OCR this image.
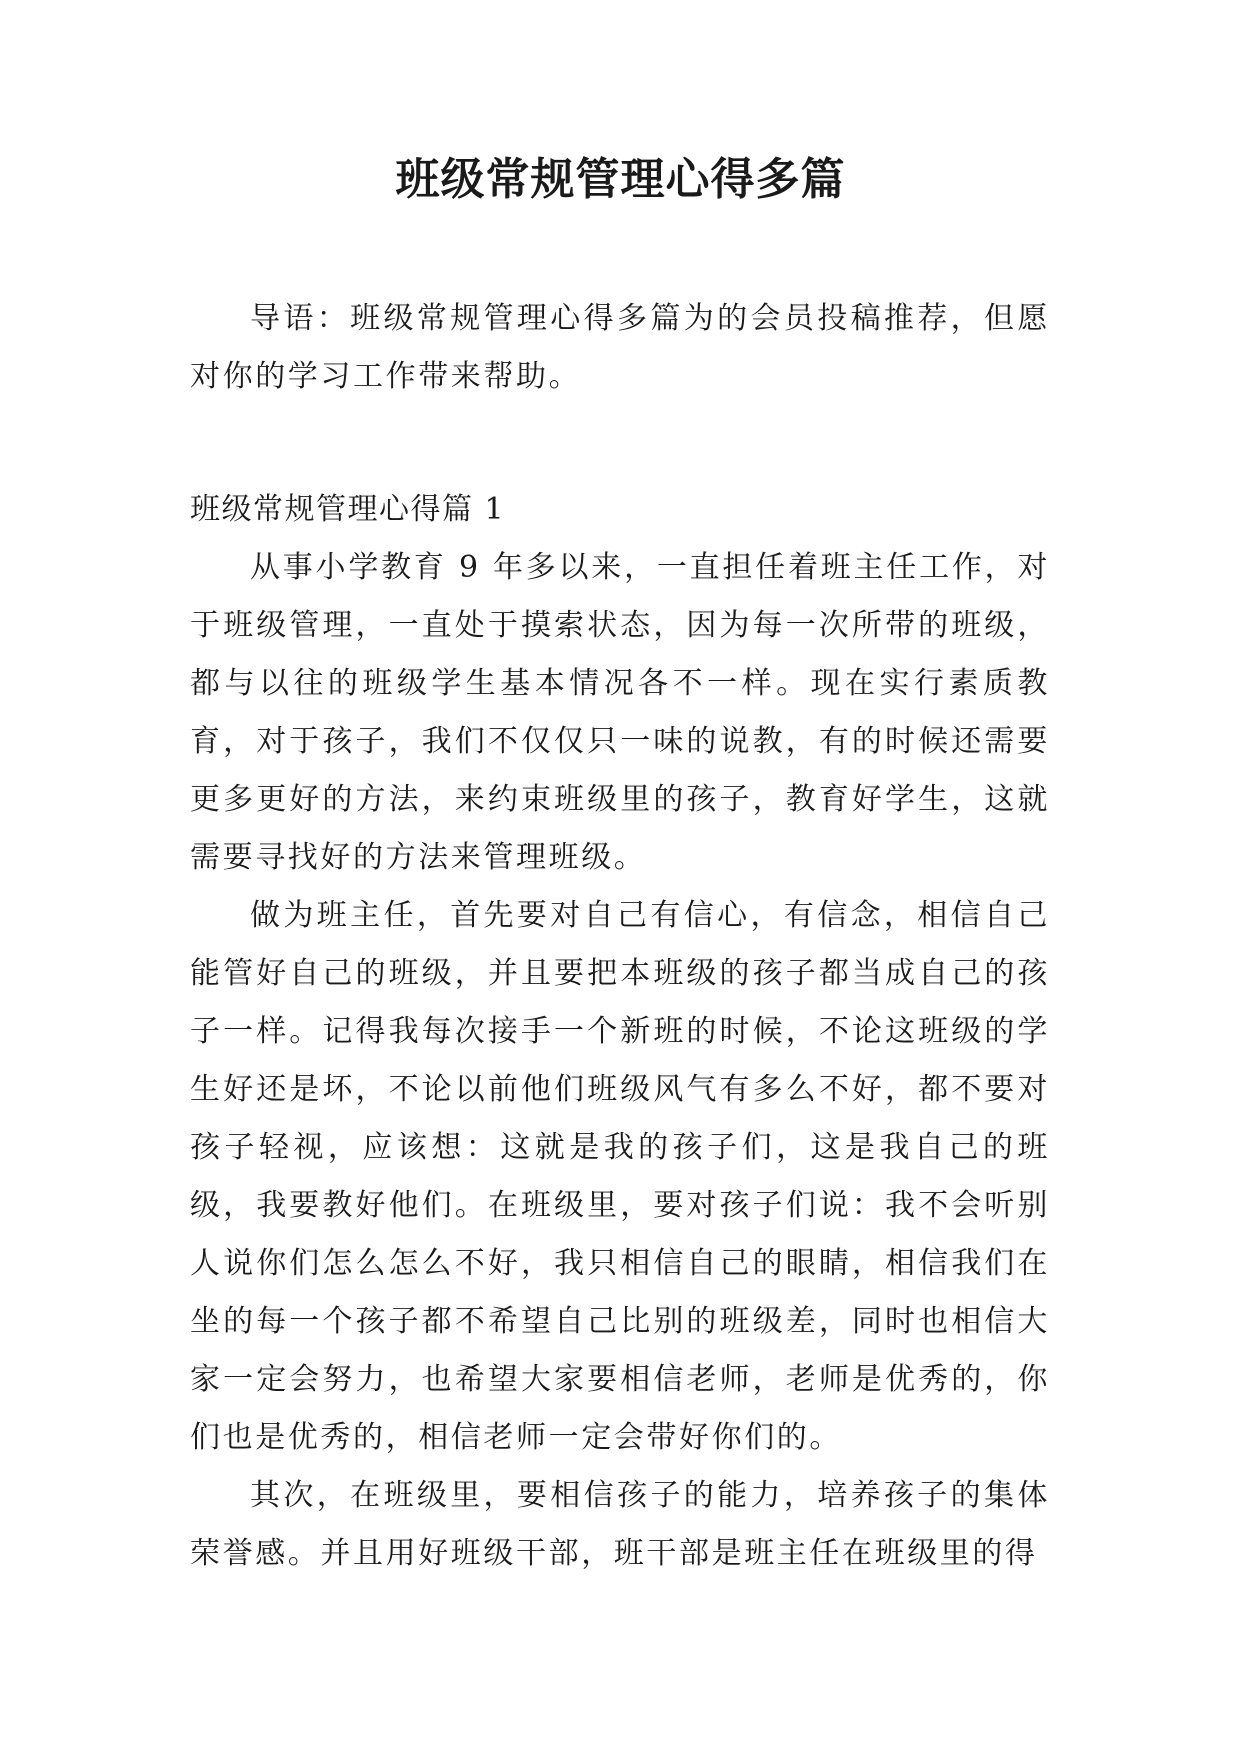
班级常规管理心得多篇

导语：班级常规管理心得多篇为的会员投稿推荐，但愿对你的学习工作带来帮助。

班级常规管理心得篇 1

从事小学教育 9 年多以来，一直担任着班主任工作，对于班级管理，一直处于摸索状态，因为每一次所带的班级，都与以往的班级学生基本情况各不一样。现在实行素质教育，对于孩子，我们不仅仅只一味的说教，有的时候还需要更多更好的方法，来约束班级里的孩子，教育好学生，这就需要寻找好的方法来管理班级。

做为班主任，首先要对自己有信心，有信念，相信自己能管好自己的班级，并且要把本班级的孩子都当成自己的孩子一样。记得我每次接手一个新班的时候，不论这班级的学生好还是坏，不论以前他们班级风气有多么不好，都不要对孩子轻视，应该想：这就是我的孩子们，这是我自己的班级，我要教好他们。在班级里，要对孩子们说：我不会听别人说你们怎么怎么不好，我只相信自己的眼睛，相信我们在坐的每一个孩子都不希望自己比别的班级差，同时也相信大家一定会努力，也希望大家要相信老师，老师是优秀的，你们也是优秀的，相信老师一定会带好你们的。

其次，在班级里，要相信孩子的能力，培养孩子的集体荣誉感。并且用好班级干部，班干部是班主任在班级里的得
